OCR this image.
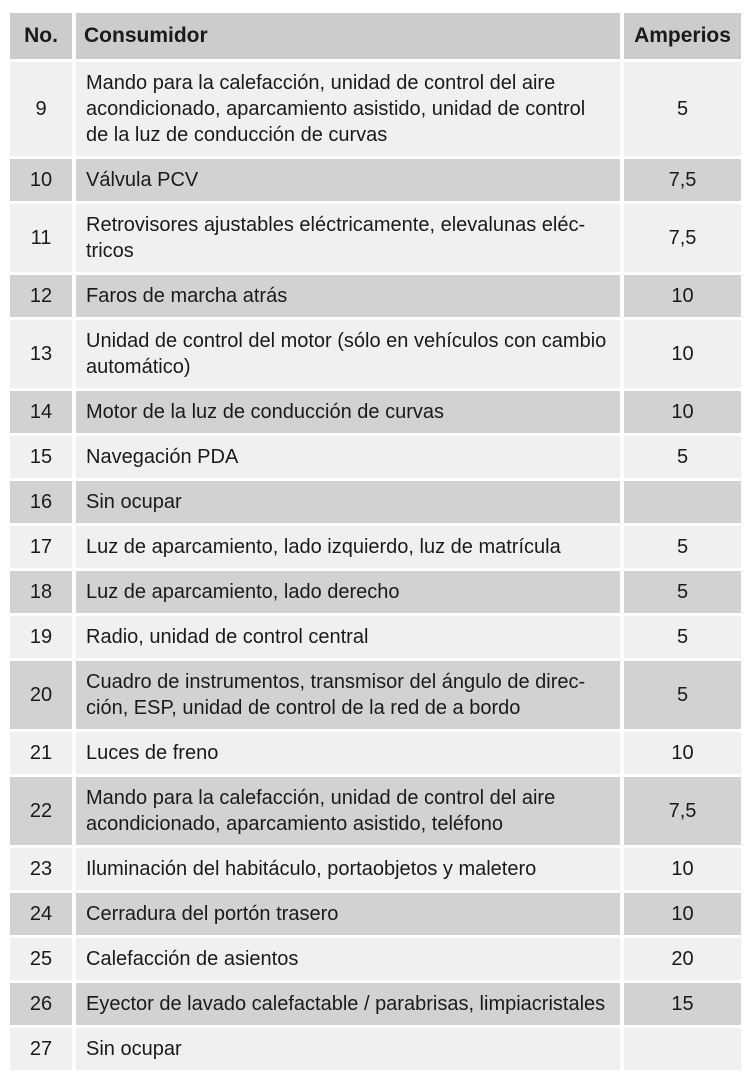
No.	Consumidor	Amperios
9	Mando para la calefacción, unidad de control del aire acondicionado, aparcamiento asistido, unidad de control de la luz de conducción de curvas	5
10	Válvula PCV	7,5
11	Retrovisores ajustables eléctricamente, elevalunas eléctricos	7,5
12	Faros de marcha atrás	10
13	Unidad de control del motor (sólo en vehículos con cambio automático)	10
14	Motor de la luz de conducción de curvas	10
15	Navegación PDA	5
16	Sin ocupar	
17	Luz de aparcamiento, lado izquierdo, luz de matrícula	5
18	Luz de aparcamiento, lado derecho	5
19	Radio, unidad de control central	5
20	Cuadro de instrumentos, transmisor del ángulo de dirección, ESP, unidad de control de la red de a bordo	5
21	Luces de freno	10
22	Mando para la calefacción, unidad de control del aire acondicionado, aparcamiento asistido, teléfono	7,5
23	Iluminación del habitáculo, portaobjetos y maletero	10
24	Cerradura del portón trasero	10
25	Calefacción de asientos	20
26	Eyector de lavado calefactable / parabrisas, limpiacristales	15
27	Sin ocupar	
